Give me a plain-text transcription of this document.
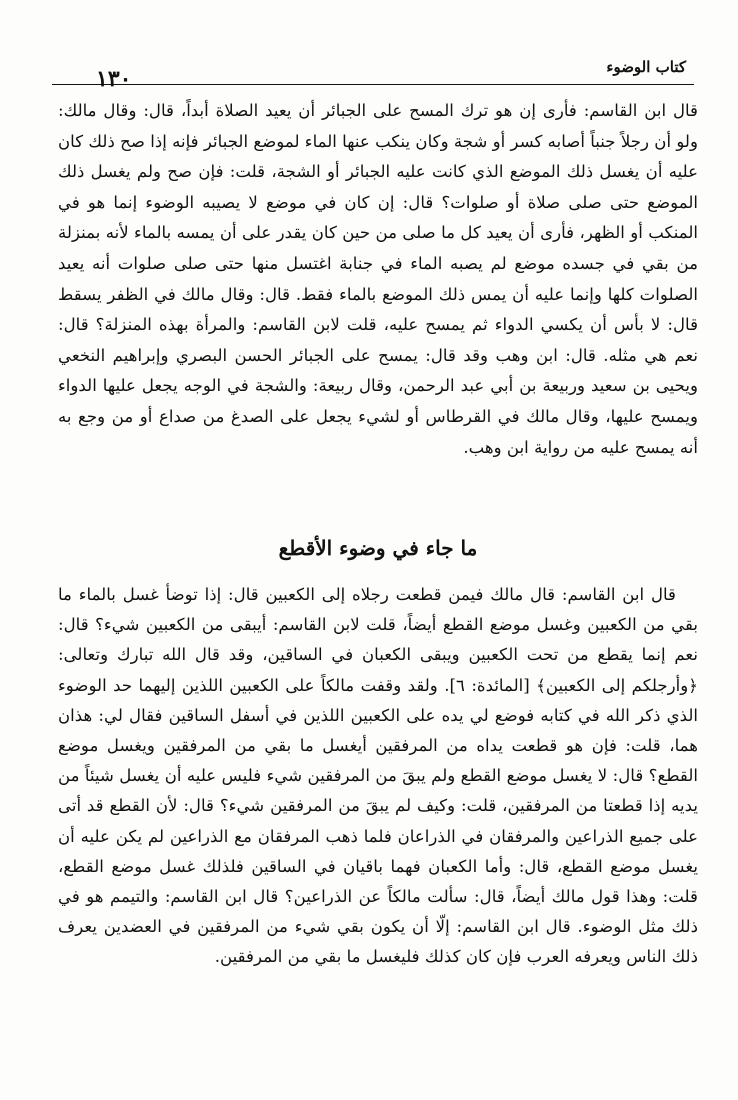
كتاب الوضوء
١٣٠

قال ابن القاسم: فأرى إن هو ترك المسح على الجبائر أن يعيد الصلاة أبداً، قال: وقال مالك: ولو أن رجلاً جنباً أصابه كسر أو شجة وكان ينكب عنها الماء لموضع الجبائر فإنه إذا صح ذلك كان عليه أن يغسل ذلك الموضع الذي كانت عليه الجبائر أو الشجة، قلت: فإن صح ولم يغسل ذلك الموضع حتى صلى صلاة أو صلوات؟ قال: إن كان في موضع لا يصيبه الوضوء إنما هو في المنكب أو الظهر، فأرى أن يعيد كل ما صلى من حين كان يقدر على أن يمسه بالماء لأنه بمنزلة من بقي في جسده موضع لم يصبه الماء في جنابة اغتسل منها حتى صلى صلوات أنه يعيد الصلوات كلها وإنما عليه أن يمس ذلك الموضع بالماء فقط. قال: وقال مالك في الظفر يسقط قال: لا بأس أن يكسي الدواء ثم يمسح عليه، قلت لابن القاسم: والمرأة بهذه المنزلة؟ قال: نعم هي مثله. قال: ابن وهب وقد قال: يمسح على الجبائر الحسن البصري وإبراهيم النخعي ويحيى بن سعيد وربيعة بن أبي عبد الرحمن، وقال ربيعة: والشجة في الوجه يجعل عليها الدواء ويمسح عليها، وقال مالك في القرطاس أو لشيء يجعل على الصدغ من صداع أو من وجع به أنه يمسح عليه من رواية ابن وهب.

ما جاء في وضوء الأقطع

قال ابن القاسم: قال مالك فيمن قطعت رجلاه إلى الكعبين قال: إذا توضأ غسل بالماء ما بقي من الكعبين وغسل موضع القطع أيضاً، قلت لابن القاسم: أيبقى من الكعبين شيء؟ قال: نعم إنما يقطع من تحت الكعبين ويبقى الكعبان في الساقين، وقد قال الله تبارك وتعالى: ﴿وأرجلكم إلى الكعبين﴾ [المائدة: ٦]. ولقد وقفت مالكاً على الكعبين اللذين إليهما حد الوضوء الذي ذكر الله في كتابه فوضع لي يده على الكعبين اللذين في أسفل الساقين فقال لي: هذان هما، قلت: فإن هو قطعت يداه من المرفقين أيغسل ما بقي من المرفقين ويغسل موضع القطع؟ قال: لا يغسل موضع القطع ولم يبقَ من المرفقين شيء فليس عليه أن يغسل شيئاً من يديه إذا قطعتا من المرفقين، قلت: وكيف لم يبقَ من المرفقين شيء؟ قال: لأن القطع قد أتى على جميع الذراعين والمرفقان في الذراعان فلما ذهب المرفقان مع الذراعين لم يكن عليه أن يغسل موضع القطع، قال: وأما الكعبان فهما باقيان في الساقين فلذلك غسل موضع القطع، قلت: وهذا قول مالك أيضاً، قال: سألت مالكاً عن الذراعين؟ قال ابن القاسم: والتيمم هو في ذلك مثل الوضوء. قال ابن القاسم: إلّا أن يكون بقي شيء من المرفقين في العضدين يعرف ذلك الناس ويعرفه العرب فإن كان كذلك فليغسل ما بقي من المرفقين.
